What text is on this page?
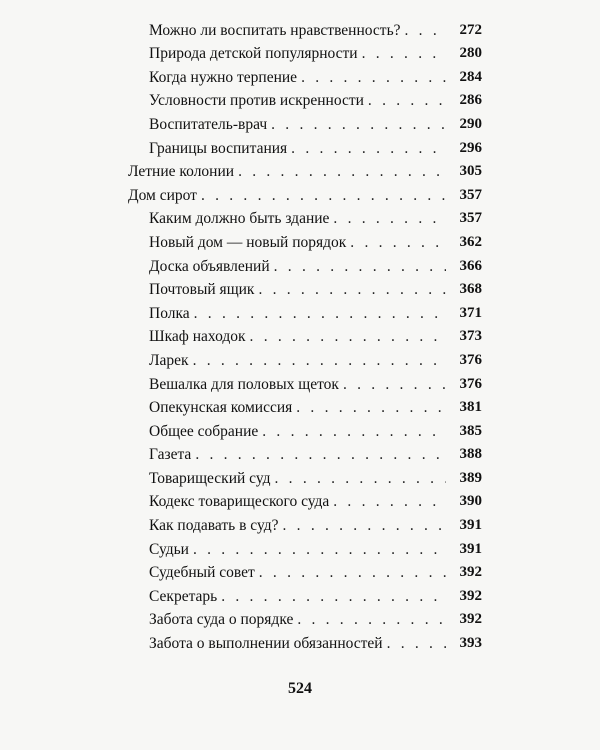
Можно ли воспитать нравственность? . . .	272
Природа детской популярности . . .	280
Когда нужно терпение . . .	284
Условности против искренности . . .	286
Воспитатель-врач . . .	290
Границы воспитания . . .	296
Летние колонии . . .	305
Дом сирот . . .	357
Каким должно быть здание . . .	357
Новый дом — новый порядок . . .	362
Доска объявлений . . .	366
Почтовый ящик . . .	368
Полка . . .	371
Шкаф находок . . .	373
Ларек . . .	376
Вешалка для половых щеток . . .	376
Опекунская комиссия . . .	381
Общее собрание . . .	385
Газета . . .	388
Товарищеский суд . . .	389
Кодекс товарищеского суда . . .	390
Как подавать в суд? . . .	391
Судьи . . .	391
Судебный совет . . .	392
Секретарь . . .	392
Забота суда о порядке . . .	392
Забота о выполнении обязанностей . . .	393
524
